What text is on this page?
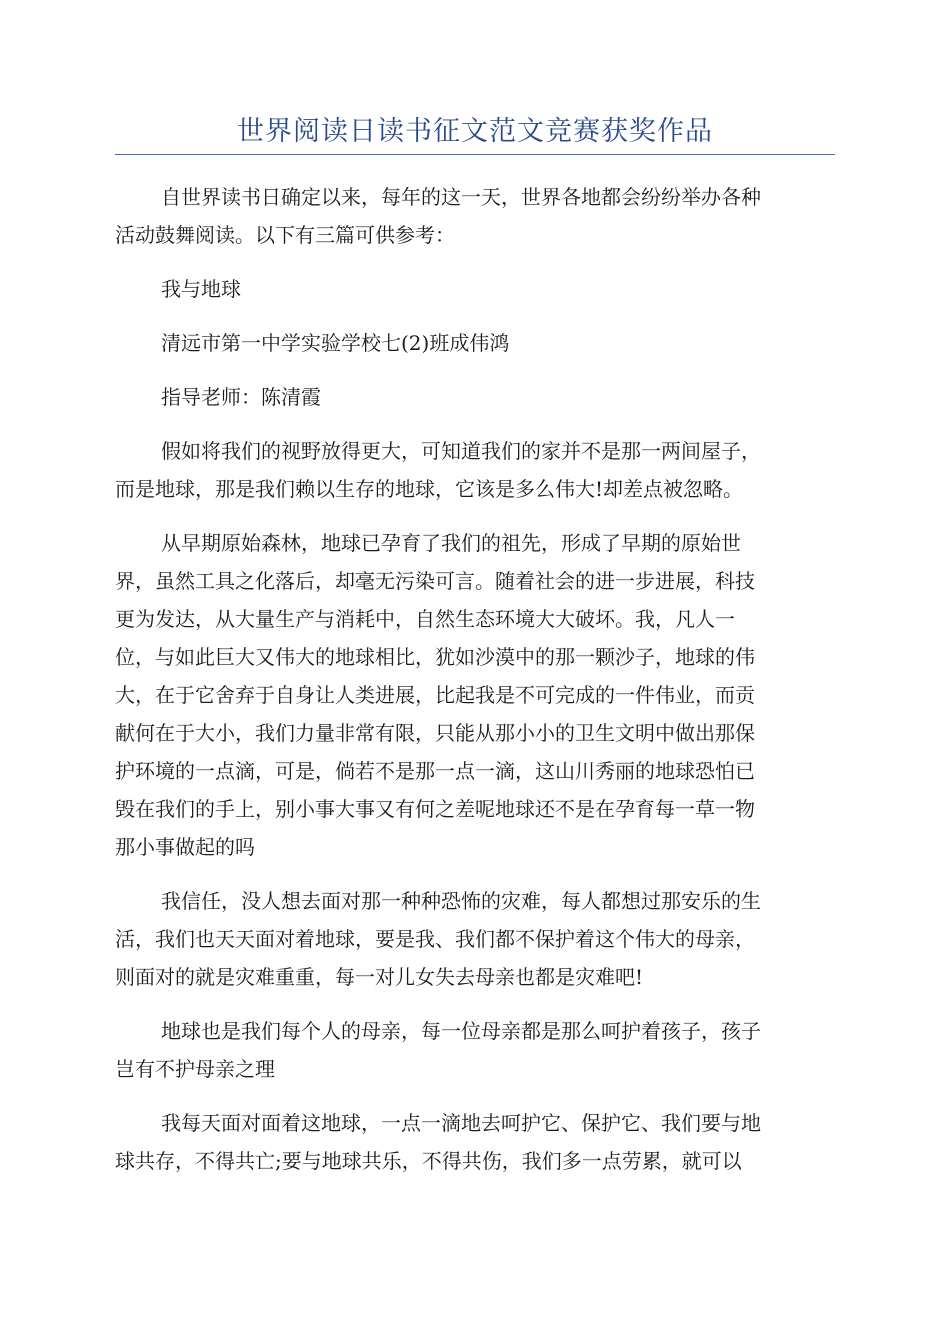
世界阅读日读书征文范文竞赛获奖作品
自世界读书日确定以来，每年的这一天，世界各地都会纷纷举办各种
活动鼓舞阅读。以下有三篇可供参考：
我与地球
清远市第一中学实验学校七(2)班成伟鸿
指导老师：陈清霞
假如将我们的视野放得更大，可知道我们的家并不是那一两间屋子，
而是地球，那是我们赖以生存的地球，它该是多么伟大!却差点被忽略。
从早期原始森林，地球已孕育了我们的祖先，形成了早期的原始世
界，虽然工具之化落后，却毫无污染可言。随着社会的进一步进展，科技
更为发达，从大量生产与消耗中，自然生态环境大大破坏。我，凡人一
位，与如此巨大又伟大的地球相比，犹如沙漠中的那一颗沙子，地球的伟
大，在于它舍弃于自身让人类进展，比起我是不可完成的一件伟业，而贡
献何在于大小，我们力量非常有限，只能从那小小的卫生文明中做出那保
护环境的一点滴，可是，倘若不是那一点一滴，这山川秀丽的地球恐怕已
毁在我们的手上，别小事大事又有何之差呢地球还不是在孕育每一草一物
那小事做起的吗
我信任，没人想去面对那一种种恐怖的灾难，每人都想过那安乐的生
活，我们也天天面对着地球，要是我、我们都不保护着这个伟大的母亲，
则面对的就是灾难重重，每一对儿女失去母亲也都是灾难吧!
地球也是我们每个人的母亲，每一位母亲都是那么呵护着孩子，孩子
岂有不护母亲之理
我每天面对面着这地球，一点一滴地去呵护它、保护它、我们要与地
球共存，不得共亡;要与地球共乐，不得共伤，我们多一点劳累，就可以
